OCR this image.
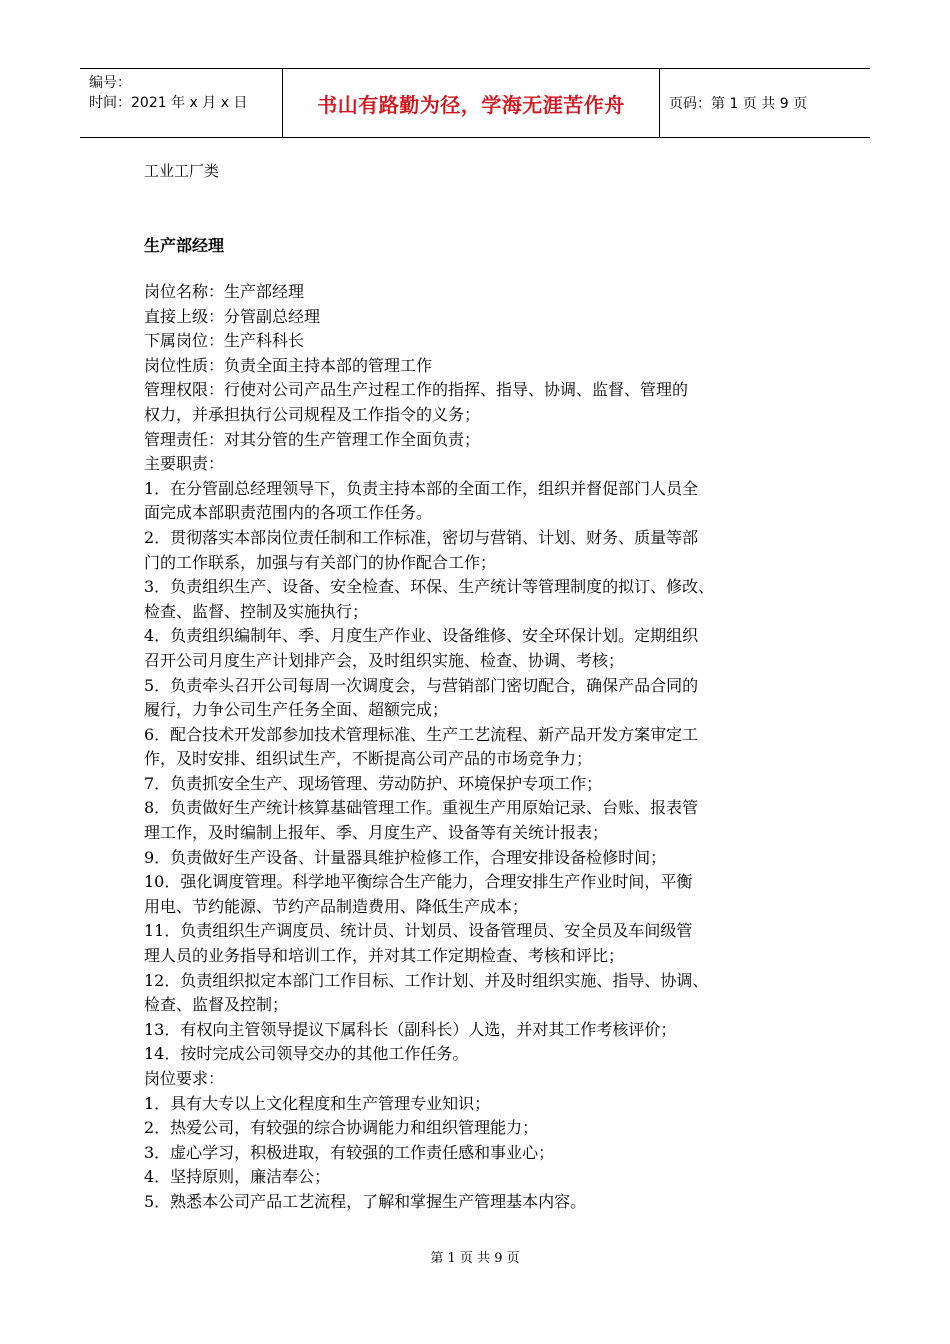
编号：
时间：2021 年 x 月 x 日	书山有路勤为径，学海无涯苦作舟	页码：第 1 页 共 9 页
工业工厂类
生产部经理

岗位名称：生产部经理

直接上级：分管副总经理

下属岗位：生产科科长

岗位性质：负责全面主持本部的管理工作

管理权限：行使对公司产品生产过程工作的指挥、指导、协调、监督、管理的
权力，并承担执行公司规程及工作指令的义务；

管理责任：对其分管的生产管理工作全面负责；

主要职责：

1．在分管副总经理领导下，负责主持本部的全面工作，组织并督促部门人员全
面完成本部职责范围内的各项工作任务。

2．贯彻落实本部岗位责任制和工作标准，密切与营销、计划、财务、质量等部
门的工作联系，加强与有关部门的协作配合工作；

3．负责组织生产、设备、安全检查、环保、生产统计等管理制度的拟订、修改、
检查、监督、控制及实施执行；

4．负责组织编制年、季、月度生产作业、设备维修、安全环保计划。定期组织
召开公司月度生产计划排产会，及时组织实施、检查、协调、考核；

5．负责牵头召开公司每周一次调度会，与营销部门密切配合，确保产品合同的
履行，力争公司生产任务全面、超额完成；

6．配合技术开发部参加技术管理标准、生产工艺流程、新产品开发方案审定工
作，及时安排、组织试生产，不断提高公司产品的市场竞争力；

7．负责抓安全生产、现场管理、劳动防护、环境保护专项工作；

8．负责做好生产统计核算基础管理工作。重视生产用原始记录、台账、报表管
理工作，及时编制上报年、季、月度生产、设备等有关统计报表；

9．负责做好生产设备、计量器具维护检修工作，合理安排设备检修时间；

10．强化调度管理。科学地平衡综合生产能力，合理安排生产作业时间，平衡
用电、节约能源、节约产品制造费用、降低生产成本；

11．负责组织生产调度员、统计员、计划员、设备管理员、安全员及车间级管
理人员的业务指导和培训工作，并对其工作定期检查、考核和评比；

12．负责组织拟定本部门工作目标、工作计划、并及时组织实施、指导、协调、
检查、监督及控制；

13．有权向主管领导提议下属科长（副科长）人选，并对其工作考核评价；

14．按时完成公司领导交办的其他工作任务。

岗位要求：

1．具有大专以上文化程度和生产管理专业知识；

2．热爱公司，有较强的综合协调能力和组织管理能力；

3．虚心学习，积极进取，有较强的工作责任感和事业心；

4．坚持原则，廉洁奉公；

5．熟悉本公司产品工艺流程，了解和掌握生产管理基本内容。

第 1 页 共 9 页
